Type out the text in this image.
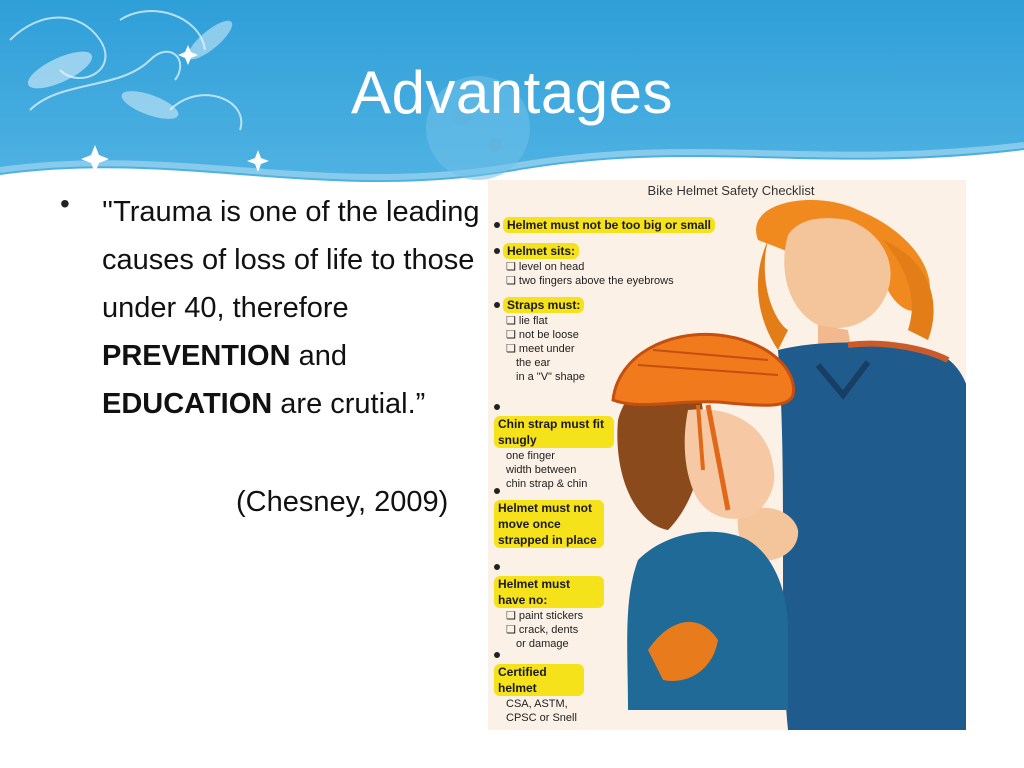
Advantages
• ''Trauma is one of the leading causes of loss of life to those under 40, therefore PREVENTION and EDUCATION are crutial.”
(Chesney, 2009)
Bike Helmet Safety Checklist
Helmet must not be too big or small
Helmet sits:
❏ level on head
❏ two fingers above the eyebrows
Straps must:
❏ lie flat
❏ not be loose
❏ meet under
the ear
in a "V" shape
Chin strap must fit snugly
one finger
width between
chin strap & chin
Helmet must not move once strapped in place
Helmet must have no:
❏ paint stickers
❏ crack, dents
or damage
Certified helmet
CSA, ASTM,
CPSC or Snell
